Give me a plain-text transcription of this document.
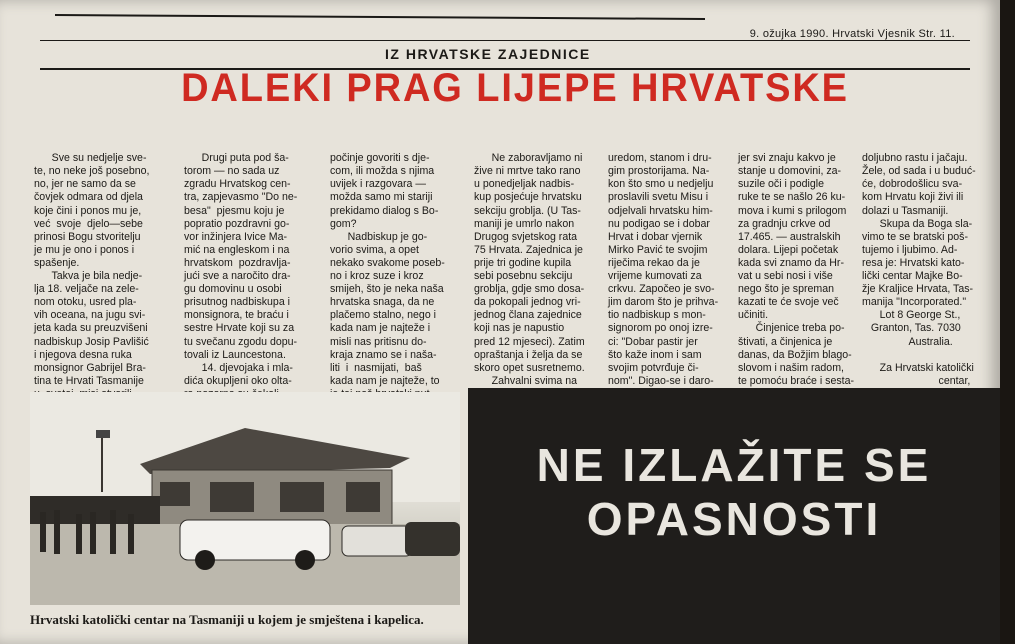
9. ožujka 1990. Hrvatski Vjesnik Str. 11.
IZ HRVATSKE ZAJEDNICE
DALEKI PRAG LIJEPE HRVATSKE

Sve su nedjelje sve-
te, no neke još posebno,
no, jer ne samo da se
čovjek odmara od djela
koje čini i ponos mu je,
već  svoje  djelo—sebe
prinosi Bogu stvoritelju
je mu je ono i ponos i
spašenje.
Takva je bila nedje-
lja 18. veljače na zele-
nom otoku, usred pla-
vih oceana, na jugu svi-
jeta kada su preuzvišeni
nadbiskup Josip Pavlišić
i njegova desna ruka
monsignor Gabrijel Bra-
tina te Hrvati Tasmanije

Drugi puta pod ša-
torom — no sada uz
zgradu Hrvatskog cen-
tra, zapjevasmo "Do ne-
besa"  pjesmu koju je
popratio pozdravni go-
vor inžinjera Ivice Ma-
mić na engleskom i na
hrvatskom  pozdravlja-
jući sve a naročito dra-
gu domovinu u osobi
prisutnog nadbiskupa i
monsignora, te braću i
sestre Hrvate koji su za
tu svečanu zgodu dopu-
tovali iz Launcestona.
14. djevojaka i mla-
dića okupljeni oko olta-

počinje govoriti s dje-
com, ili možda s njima
uvijek i razgovara —
možda samo mi stariji
prekidamo dialog s Bo-
gom?
Nadbiskup je go-
vorio svima, a opet
nekako svakome poseb-
no i kroz suze i kroz
smijeh, što je neka naša
hrvatska snaga, da ne
plačemo stalno, nego i
kada nam je najteže i
misli nas pritisnu do-
kraja znamo se i naša-
liti  i  nasmijati,  baš
kada nam je najteže, to

Ne zaboravljamo ni
žive ni mrtve tako rano
u ponedjeljak nadbis-
kup posjećuje hrvatsku
sekciju groblja. (U Tas-
maniji je umrlo nakon
Drugog svjetskog rata
75 Hrvata. Zajednica je
prije tri godine kupila
sebi posebnu sekciju
groblja, gdje smo dosa-
da pokopali jednog vri-
jednog člana zajednice
koji nas je napustio
pred 12 mjeseci). Zatim
opraštanja i želja da se
skoro opet susretnemo.
Zahvalni svima na

uredom, stanom i dru-
gim prostorijama. Na-
kon što smo u nedjelju
proslavili svetu Misu i
odjelvali hrvatsku him-
nu podigao se i dobar
Hrvat i dobar vjernik
Mirko Pavić te svojim
riječima rekao da je
vrijeme kumovati za
crkvu. Započeo je svo-
jim darom što je prihva-
tio nadbiskup s mon-
signorom po onoj izre-
ci: "Dobar pastir jer
što kaže inom i sam
svojim potvrđuje či-
nom". Digao-se i daro-

jer svi znaju kakvo je
stanje u domovini, za-
suzile oči i podigle
ruke te se našlo 26 ku-
mova i kumi s prilogom
za gradnju crkve od
17.465. — australskih
dolara. Lijepi početak
kada svi znamo da Hr-
vat u sebi nosi i više
nego što je spreman
kazati te će svoje več
učiniti.
Činjenice treba po-
štivati, a činjenica je
danas, da Božjim blago-
slovom i našim radom,
te pomoću braće i sesta-

doljubno rastu i jačaju.
Žele, od sada i u buduć-
će, dobrodošlicu sva-
kom Hrvatu koji živi ili
dolazi u Tasmaniji.
Skupa da Boga sla-
vimo te se bratski poš-
tujemo i ljubimo. Ad-
resa je: Hrvatski kato-
lički centar Majke Bo-
žje Kraljice Hrvata, Tas-
manija "Incorporated."
Lot 8 George St.,
Granton, Tas. 7030
Australia.

Za Hrvatski katolički
centar,

Hrvatski katolički centar na Tasmaniji u kojem je smještena i kapelica.
NE IZLAŽITE SE
OPASNOSTI
